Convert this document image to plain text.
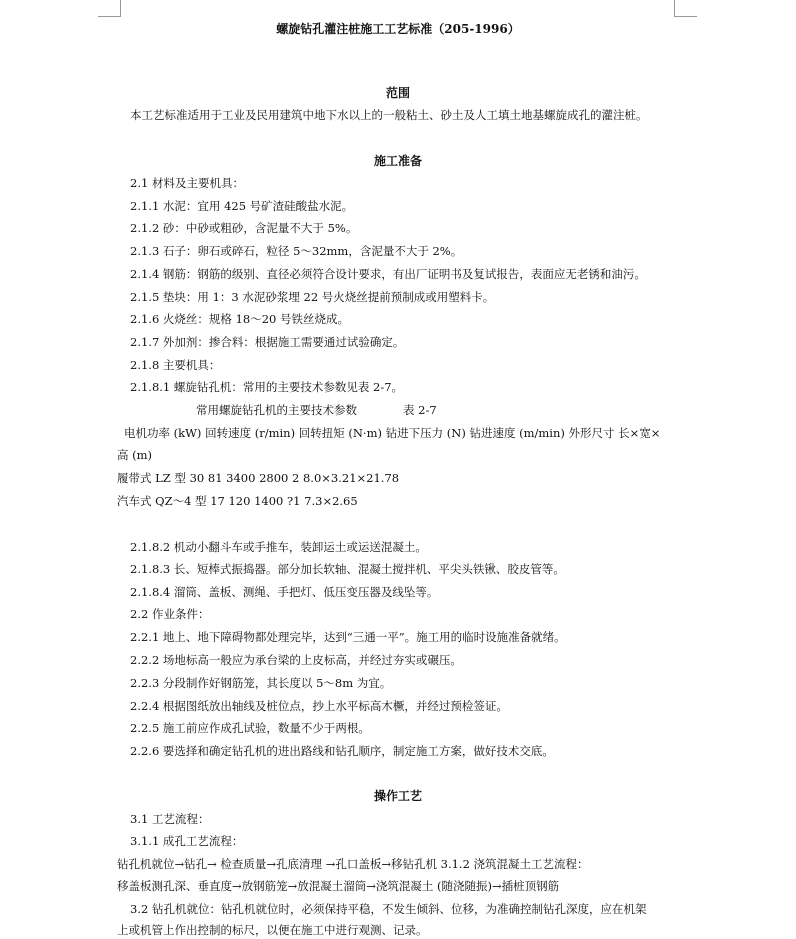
螺旋钻孔灌注桩施工工艺标准（205-1996）
范围
本工艺标准适用于工业及民用建筑中地下水以上的一般粘土、砂土及人工填土地基螺旋成孔的灌注桩。
施工准备
2.1 材料及主要机具：
2.1.1 水泥：宜用 425 号矿渣硅酸盐水泥。
2.1.2 砂：中砂或粗砂，含泥量不大于 5%。
2.1.3 石子：卵石或碎石，粒径 5～32mm，含泥量不大于 2%。
2.1.4 钢筋：钢筋的级别、直径必须符合设计要求，有出厂证明书及复试报告，表面应无老锈和油污。
2.1.5 垫块：用 1：3 水泥砂浆埋 22 号火烧丝提前预制成或用塑料卡。
2.1.6 火烧丝：规格 18～20 号铁丝烧成。
2.1.7 外加剂：掺合料：根据施工需要通过试验确定。
2.1.8 主要机具：
2.1.8.1 螺旋钻孔机：常用的主要技术参数见表 2-7。
常用螺旋钻孔机的主要技术参数	表 2-7
电机功率 (kW) 回转速度 (r/min) 回转扭矩 (N·m) 钻进下压力 (N) 钻进速度 (m/min) 外形尺寸 长×宽×
高 (m)
履带式 LZ 型 30 81 3400 2800 2 8.0×3.21×21.78
汽车式 QZ～4 型 17 120 1400 ?1 7.3×2.65
2.1.8.2 机动小翻斗车或手推车，装卸运土或运送混凝土。
2.1.8.3 长、短棒式振捣器。部分加长软轴、混凝土搅拌机、平尖头铁锹、胶皮管等。
2.1.8.4 溜筒、盖板、测绳、手把灯、低压变压器及线坠等。
2.2 作业条件：
2.2.1 地上、地下障碍物都处理完毕，达到“三通一平”。施工用的临时设施准备就绪。
2.2.2 场地标高一般应为承台梁的上皮标高，并经过夯实或碾压。
2.2.3 分段制作好钢筋笼，其长度以 5～8m 为宜。
2.2.4 根据图纸放出轴线及桩位点，抄上水平标高木橛，并经过预检签证。
2.2.5 施工前应作成孔试验，数量不少于两根。
2.2.6 要选择和确定钻孔机的进出路线和钻孔顺序，制定施工方案，做好技术交底。
操作工艺
3.1 工艺流程：
3.1.1 成孔工艺流程：
钻孔机就位→钻孔→ 检查质量→孔底清理 →孔口盖板→移钻孔机 3.1.2 浇筑混凝土工艺流程：
移盖板测孔深、垂直度→放钢筋笼→放混凝土溜筒→浇筑混凝土 (随浇随振)→插桩顶钢筋
3.2 钻孔机就位：钻孔机就位时，必须保持平稳，不发生倾斜、位移，为准确控制钻孔深度，应在机架
上或机管上作出控制的标尺，以便在施工中进行观测、记录。
